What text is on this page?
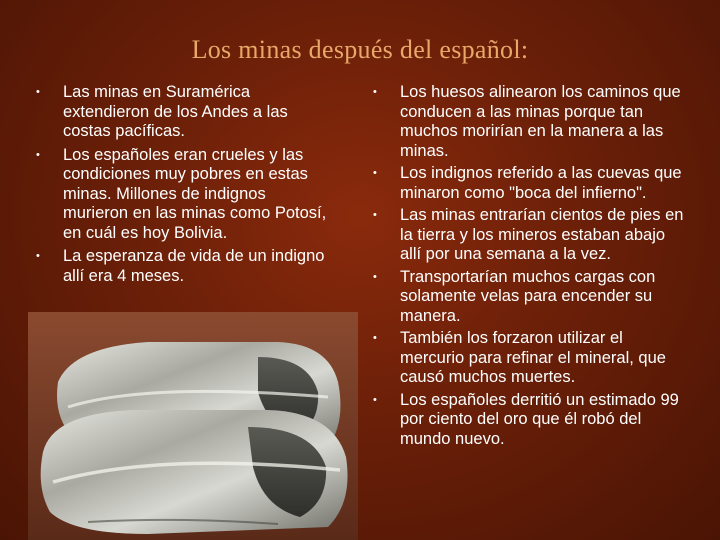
Los minas después del español:
• Las minas en Suramérica extendieron de los Andes a las costas pacíficas.
• Los españoles eran crueles y las condiciones muy pobres en estas minas. Millones de indignos murieron en las minas como Potosí, en cuál es hoy Bolivia.
• La esperanza de vida de un indigno allí era 4 meses.
• Los huesos alinearon los caminos que conducen a las minas porque tan muchos morirían en la manera a las minas.
• Los indignos referido a las cuevas que minaron como "boca del infierno".
• Las minas entrarían cientos de pies en la tierra y los mineros estaban abajo allí por una semana a la vez.
• Transportarían muchos cargas con solamente velas para encender su manera.
• También los forzaron utilizar el mercurio para refinar el mineral, que causó muchos muertes.
• Los españoles derritió un estimado 99 por ciento del oro que él robó del mundo nuevo.
